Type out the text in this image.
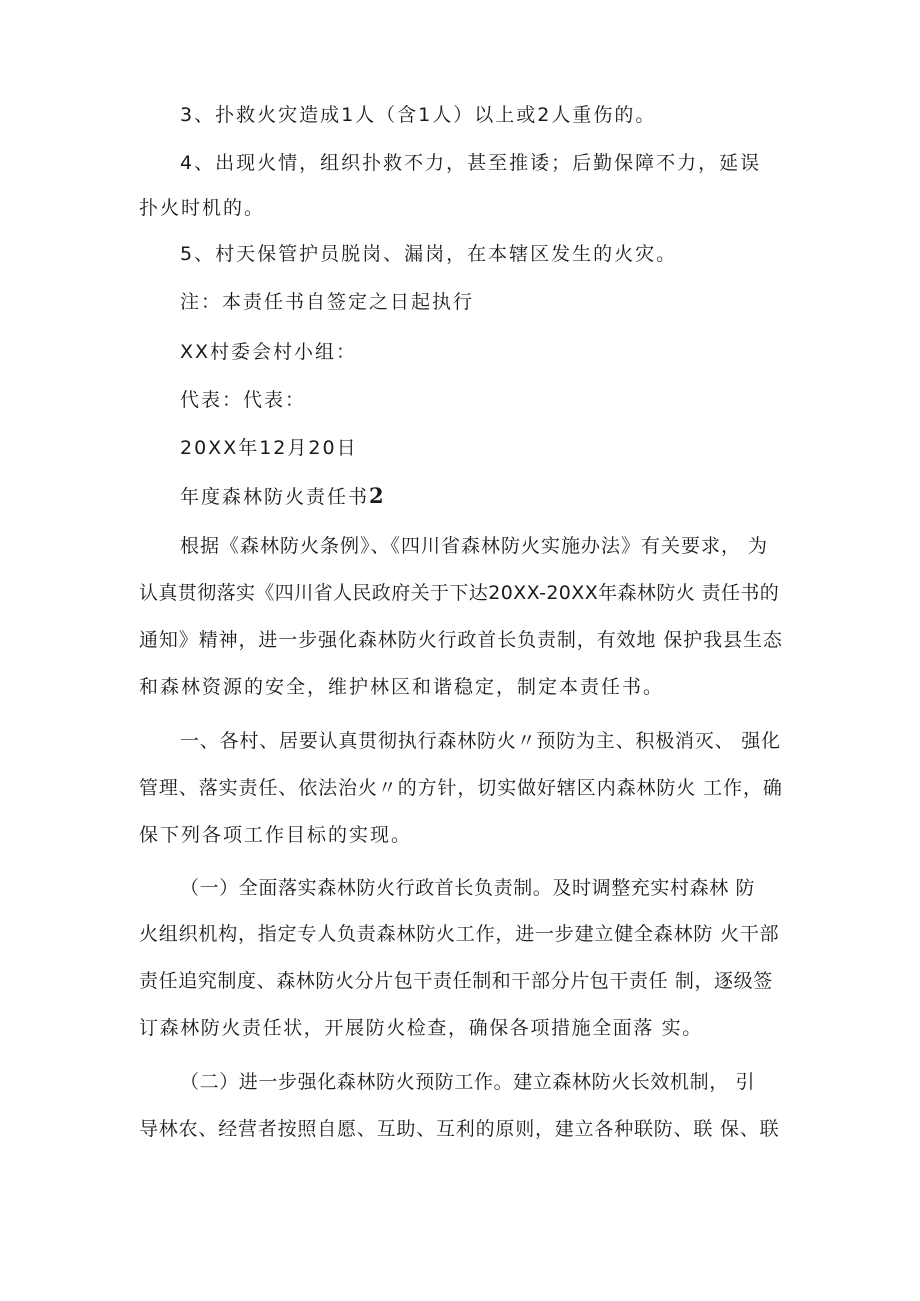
3、扑救火灾造成1人（含1人）以上或2人重伤的。
4、出现火情，组织扑救不力，甚至推诿；后勤保障不力，延误
扑火时机的。
5、村天保管护员脱岗、漏岗，在本辖区发生的火灾。
注：本责任书自签定之日起执行
XX村委会村小组：
代表：代表：
20XX年12月20日
年度森林防火责任书2
根据《森林防火条例》、《四川省森林防火实施办法》有关要求， 为
认真贯彻落实《四川省人民政府关于下达20XX-20XX年森林防火 责任书的
通知》精神，进一步强化森林防火行政首长负责制，有效地 保护我县生态
和森林资源的安全，维护林区和谐稳定，制定本责任书。
一、各村、居要认真贯彻执行森林防火〃预防为主、积极消灭、 强化
管理、落实责任、依法治火〃的方针，切实做好辖区内森林防火 工作，确
保下列各项工作目标的实现。
（一）全面落实森林防火行政首长负责制。及时调整充实村森林 防
火组织机构，指定专人负责森林防火工作，进一步建立健全森林防 火干部
责任追究制度、森林防火分片包干责任制和干部分片包干责任 制，逐级签
订森林防火责任状，开展防火检查，确保各项措施全面落 实。
（二）进一步强化森林防火预防工作。建立森林防火长效机制， 引
导林农、经营者按照自愿、互助、互利的原则，建立各种联防、联 保、联
